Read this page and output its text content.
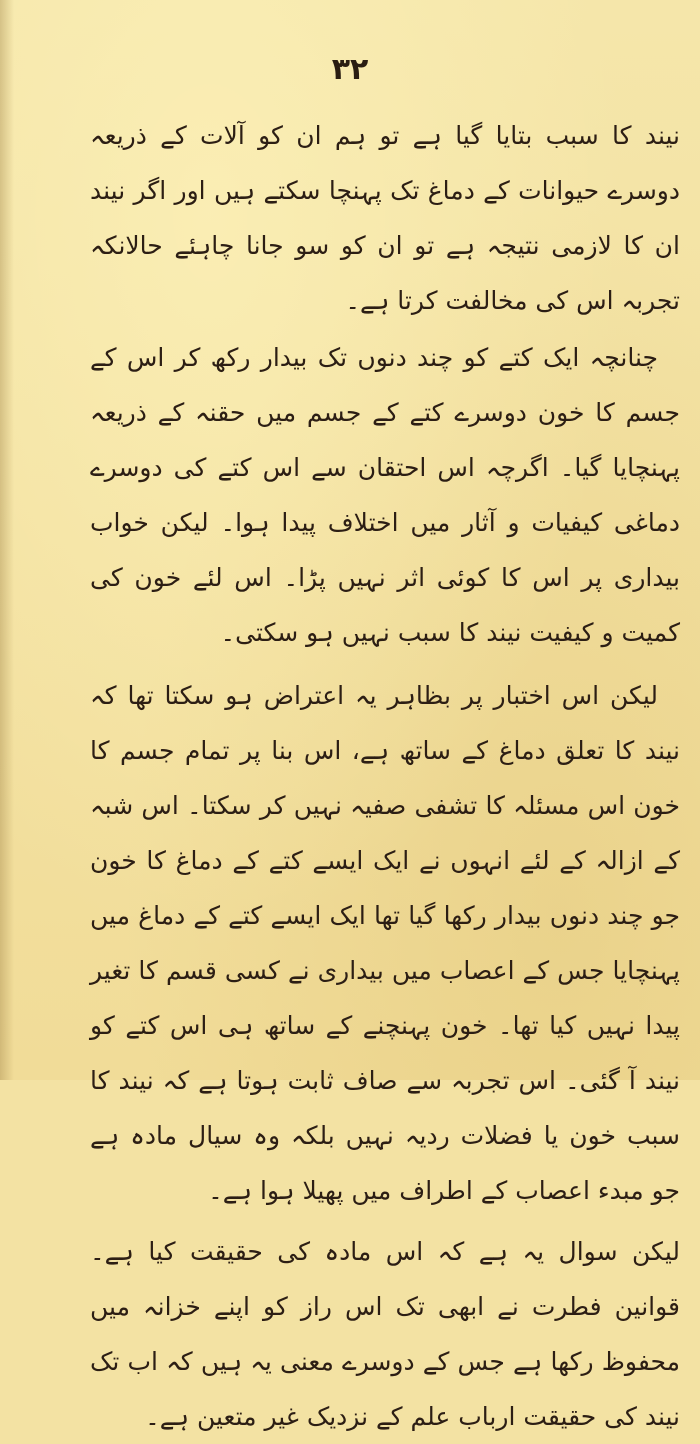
۳۲

نیند کا سبب بتایا گیا ہے تو ہم ان کو آلات کے ذریعہ دوسرے حیوانات کے دماغ تک پہنچا سکتے ہیں اور اگر نیند ان کا لازمی نتیجہ ہے تو ان کو سو جانا چاہئے حالانکہ تجربہ اس کی مخالفت کرتا ہے۔

چنانچہ ایک کتے کو چند دنوں تک بیدار رکھ کر اس کے جسم کا خون دوسرے کتے کے جسم میں حقنہ کے ذریعہ پہنچایا گیا۔ اگرچہ اس احتقان سے اس کتے کی دوسرے دماغی کیفیات و آثار میں اختلاف پیدا ہوا۔ لیکن خواب بیداری پر اس کا کوئی اثر نہیں پڑا۔ اس لئے خون کی کمیت و کیفیت نیند کا سبب نہیں ہو سکتی۔

لیکن اس اختبار پر بظاہر یہ اعتراض ہو سکتا تھا کہ نیند کا تعلق دماغ کے ساتھ ہے، اس بنا پر تمام جسم کا خون اس مسئلہ کا تشفی صفیہ نہیں کر سکتا۔ اس شبہ کے ازالہ کے لئے انہوں نے ایک ایسے کتے کے دماغ کا خون جو چند دنوں بیدار رکھا گیا تھا ایک ایسے کتے کے دماغ میں پہنچایا جس کے اعصاب میں بیداری نے کسی قسم کا تغیر پیدا نہیں کیا تھا۔ خون پہنچنے کے ساتھ ہی اس کتے کو نیند آ گئی۔ اس تجربہ سے صاف ثابت ہوتا ہے کہ نیند کا سبب خون یا فضلات ردیہ نہیں بلکہ وہ سیال مادہ ہے جو مبدء اعصاب کے اطراف میں پھیلا ہوا ہے۔

لیکن سوال یہ ہے کہ اس مادہ کی حقیقت کیا ہے۔ قوانین فطرت نے ابھی تک اس راز کو اپنے خزانہ میں محفوظ رکھا ہے جس کے دوسرے معنی یہ ہیں کہ اب تک نیند کی حقیقت ارباب علم کے نزدیک غیر متعین ہے۔
